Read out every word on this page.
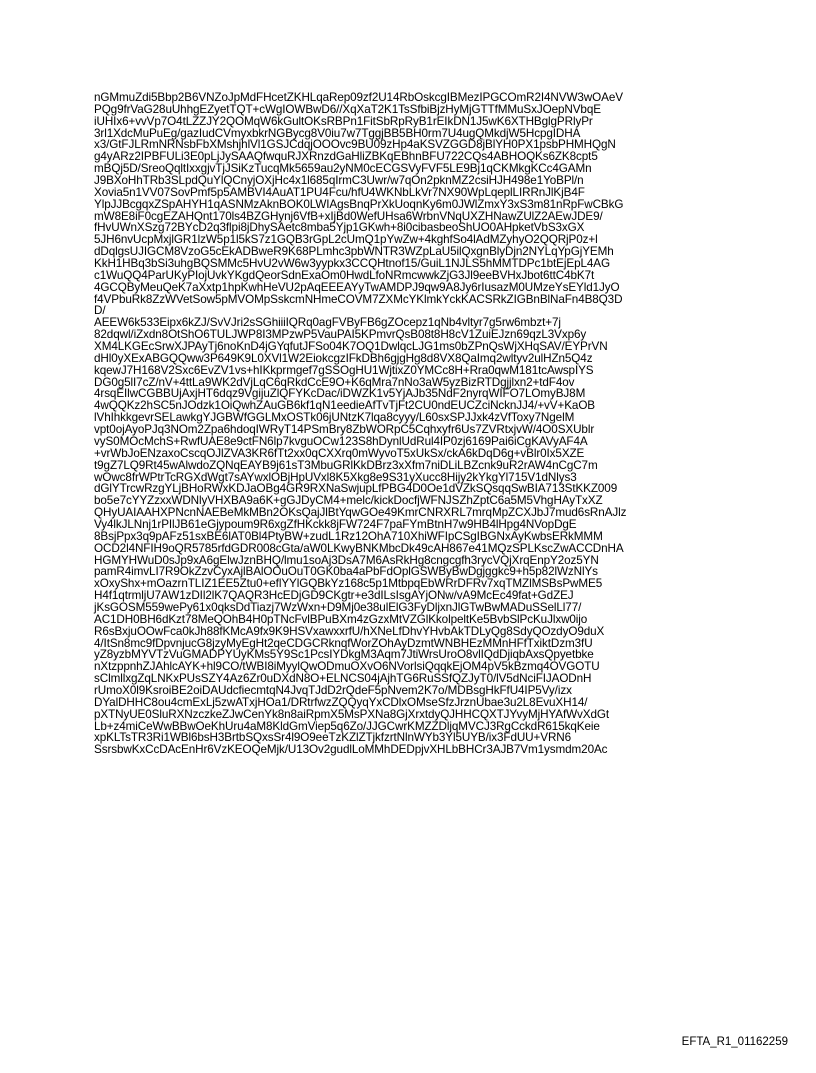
nGMmuZdi5Bbp2B6VNZoJpMdFHcetZKHLqaRep09zf2U14RbOskcgIBMezIPGCOmR2I4NVW3wOAeV
PQg9frVaG28uUhhgEZyetTQT+cWgIOWBwD6//XqXaT2K1TsSfbiBjzHyMjGTTfMMuSxJOepNVbqE
iUHIx6+vvVp7O4tLZZJY2QOMqW6kGultOKsRBPn1FitSbRpRyB1rEIkDN1J5wK6XTHBglgPRlyPr
3rl1XdcMuPuEg/gazIudCVmyxbkrNGBycg8V0iu7w7TggjBB5BH0rm7U4ugQMkdjW5HcpgIDHA
x3/GtFJLRmNRNsbFbXMshjhlVl1GSJCdqjOOOvc9BU09zHp4aKSVZGGD8jBlYH0PX1psbPHMHQgN
g4yARz2IPBFULi3E0pLjJySAAQfwquRJXRnzdGaHliZBKqEBhnBFU722CQs4ABHOQKs6ZK8cpt5
mBQj5D/SreoQqltIxxgjvTjJSiKzTucqMk5659au2yNM0cECGSVyFVF5LE9Bj1qCKMkgKCc4GAMn
J9BXoHhTRb3SLpdQuYlQCnyjOXjHc4x1l685qIrmC3Uwr/w7qOn2pknMZ2csiHJH498e1YoBPl/n
Xovia5n1VV07SovPmf5p5AMBVI4AuAT1PU4Fcu/hfU4WKNbLkVr7NX90WpLqeplLIRRnJlKjB4F
YlpJJBcgqxZSpAHYH1qASNMzAknBOK0LWIAgsBnqPrXkUoqnKy6m0JWlZmxY3xS3m81nRpFwCBkG
mW8E8iF0cgEZAHQnt170ls4BZGHynj6VfB+xIjBd0WefUHsa6WrbnVNqUXZHNawZUlZ2AEwJDE9/
fHvUWnXSzg72BYcD2q3flpi8jDhySAetc8mba5Yjp1GKwh+8i0cibasbeoShUO0AHpketVbS3xGX
5JH6nvUcpMxjlGR1lzW5p1l5kS7z1GQB3rGpL2cUmQ1pYwZw+4kghfSo4lAdMZyhyO2QQRjP0z+l
dDqlgsUJIGCM8VzoG5cEkADBweR9K68PLmhc3pbWNTR3WZpLaU5ilQxgnBlyDjn2NYLqYpGjYEMh
KkH1HBq3bSi3uhgBQSMMc5HvU2vW6w3yypkx3CCQHtnof15/GuiL1NJLS5hMMTDPc1btEjEpL4AG
c1WuQQ4ParUKyPIojUvkYKgdQeorSdnExaOm0HwdLfoNRmcwwkZjG3Jl9eeBVHxJbot6ttC4bK7t
4GCQByMeuQeK7aXxtp1hpKwhHeVU2pAqEEEAYyTwAMDPJ9qw9A8Jy6rIusazM0UMzeYsEYld1JyO
f4VPbuRk8ZzWVetSow5pMVOMpSskcmNHmeCOVM7ZXMcYKlmkYckKACSRkZIGBnBlNaFn4B8Q3D
D/
AEEW6k533Eipx6kZJ/SvVJri2sSGhiiiIQRq0agFVByFB6gZOcepz1qNb4vltyr7g5rw6mbzt+7j
82dqwl/iZxdn8OtShO6TULJWP8I3MPzwP5VauPAI5KPmvrQsB08t8H8cV1ZuiEJzn69qzL3Vxp6y
XM4LKGEcSrwXJPAyTj6noKnD4jGYqfutJFSo04K7OQ1DwlqcLJG1ms0bZPnQsWjXHqSAV/EYPrVN
dHl0yXExABGQQww3P649K9L0XVl1W2EiokcgzIFkDBh6gjgHg8d8VX8QaImq2wltyv2ulHZn5Q4z
kqewJ7H168V2Sxc6EvZV1vs+hIKkprmgef7gSSOgHU1WjtixZ0YMCc8H+Rra0qwM181tcAwspIYS
DG0g5lI7cZ/nV+4ttLa9WK2dVjLqC6qRkdCcE9O+K6qMra7nNo3aW5yzBizRTDgjjlxn2+tdF4ov
4rsqEIlwCGBBUjAxjHT6dqz9VgijuZlQFYKcDac/iDWZK1v5YjAJb35NdF2nyrqWIFO7LOmyBJ8M
4wQQKz2hSC5nJOdzk1OiQwhZAuGB6kf1qN1eedieAfTvTjFt2CU0ndEUCZciNcknJJ4/+vV+KaOB
lVhIhkkgevrSELawkgYJGBWfGGLMxOSTk06jUNtzK7lqa8cyyy/L60sxSPJJxk4zVfToxy7NgelM
vpt0ojAyoPJq3NOm2Zpa6hdoqIWRyT14PSmBry8ZbWORpC5Cqhxyfr6Us7ZVRtxjvW/4O0SXUblr
vyS0MOcMchS+RwfUAE8e9ctFN6lp7kvguOCw123S8hDynlUdRul4IP0zj6169Pai6iCgKAVyAF4A
+vrWbJoENzaxoCscqOJlZVA3KR6fTt2xx0qCXXrq0mWyvoT5xUkSx/ckA6kDqD6g+vBlr0Ix5XZE
t9gZ7LQ9Rt45wAlwdoZQNqEAYB9j61sT3MbuGRlKkDBrz3xXfm7niDLiLBZcnk9uR2rAW4nCgC7m
wOwc8frWPtrTcRGXdWgt7sAYwxlOBjHpUVxl8K5Xkg8e9S31yXucc8Hijy2kYkgYl715V1dNlys3
dGlYTrcwRzgYLjBHoRWxKDJaOBg4GR9RXNaSwjupLfPBG4D0Oe1dVZkSQsqqSwBIA713StKKZ009
bo5e7cYYZzxxWDNlyVHXBA9a6K+gGJDyCM4+melc/kickDocfjWFNJSZhZptC6a5M5VhgHAyTxXZ
QHyUAIAAHXPNcnNAEBeMkMBn2OKsQajJlBtYqwGOe49KmrCNRXRL7mrqMpZCXJbJ7mud6sRnAJlz
Vy4lkJLNnj1rPIlJB61eGjypoum9R6xgZfHKckk8jFW724F7paFYmBtnH7w9HB4lHpg4NVopDgE
8BsjPpx3q9pAFz51sxBE6lAT0Bl4PtyBW+zudL1Rz12OhA710XhiWFIpCSgIBGNxAyKwbsERkMMM
OCD2l4NFIH9oQR5785rfdGDR008cGta/aW0LKwyBNKMbcDk49cAH867e41MQzSPLKscZwACCDnHA
HGMYHWuD0sJp9xA6gElwJznBHQ/lmu1soAj3DsA7M6AsRkHg8cngcgfh3rycVQjXrqEnpY2oz5YN
pamR4imvLI7R9OkZzvCyxAjlBAlOOuOuT0GK0ba4aPbFdOplGSWByBwDgjggkc9+h5p82lWzNlYs
xOxyShx+mOazrnTLIZ1EE5Ztu0+eflYYlGQBkYz168c5p1MtbpqEbWRrDFRv7xqTMZlMSBsPwME5
H4f1qtrmljU7AW1zDIl2lK7QAQR3HcEDjGD9CKgtr+e3dILsIsgAYjONw/vA9McEc49fat+GdZEJ
jKsGOSM559wePy61x0qksDdTiazj7WzWxn+D9Mj0e38ulElG3FyDljxnJlGTwBwMADuSSelLl77/
AC1DH0BH6dKzt78MeQOhB4H0pTNcFvlBPuBXm4zGzxMtVZGlKkolpeltKe5BvbSlPcKuJlxw0ijo
R6sBxjuOOwFca0kJh88fKMcA9fx9K9HSVxawxxrfU/hXNeLfDhvYHvbAkTDLyQg8SdyQOzdyO9duX
4/ItSn8mc9fDpvnjucG8jzyMyEgHt2qeCDGCRknqfWorZOhAyDzmtWNBHEzMMnHFfTxiktDzm3fU
yZ8yzbMYVTzVuGMADPYUyKMs5Y9Sc1PcsIYDkgM3Aqm7JtiWrsUroO8vlIQdDjiqbAxsQpyetbke
nXtzppnhZJAhlcAYK+hl9CO/tWBI8iMyylQwODmuOXvO6NVorlsiQqqkEjOM4pV5kBzmq4OVGOTU
sClmllxgZqLNKxPUsSZY4Az6Zr0uDXdN8O+ELNCS04jAjhTG6RuSSfQZJyT0/lV5dNciFIJAODnH
rUmoX0l9KsroiBE2oiDAUdcfiecmtqN4JvqTJdD2rQdeF5pNvem2K7o/MDBsgHkFfU4IP5Vy/izx
DYalDHHC8ou4cmExLj5zwATxjHOa1/DRtrfwzZQQyqYxCDlxOMseSfzJrznUbae3u2L8EvuXH14/
pXTNyUE0SluRXNzczkeZJwCenYk8n8aiRpmX5MsPXNa8GjXrxtdyQJHHCQXTJYvyMjHYAfWvXdGt
Lb+z4miCeWwBBwOeKhUru4aM8KldGmViep5q6Zo/JJGCwrKMZZDljqMVCJ3RgCckdR615kqKeie
xpKLTsTR3Ri1WBl6bsH3BrtbSQxsSr4l9O9eeTzKZlZTjkfzrtNlnWYb3Yl5UYB/ix3FdUU+VRN6
SsrsbwKxCcDAcEnHr6VzKEOQeMjk/U13Ov2gudlLoMMhDEDpjvXHLbBHCr3AJB7Vm1ysmdm20Ac
EFTA_R1_01162259
